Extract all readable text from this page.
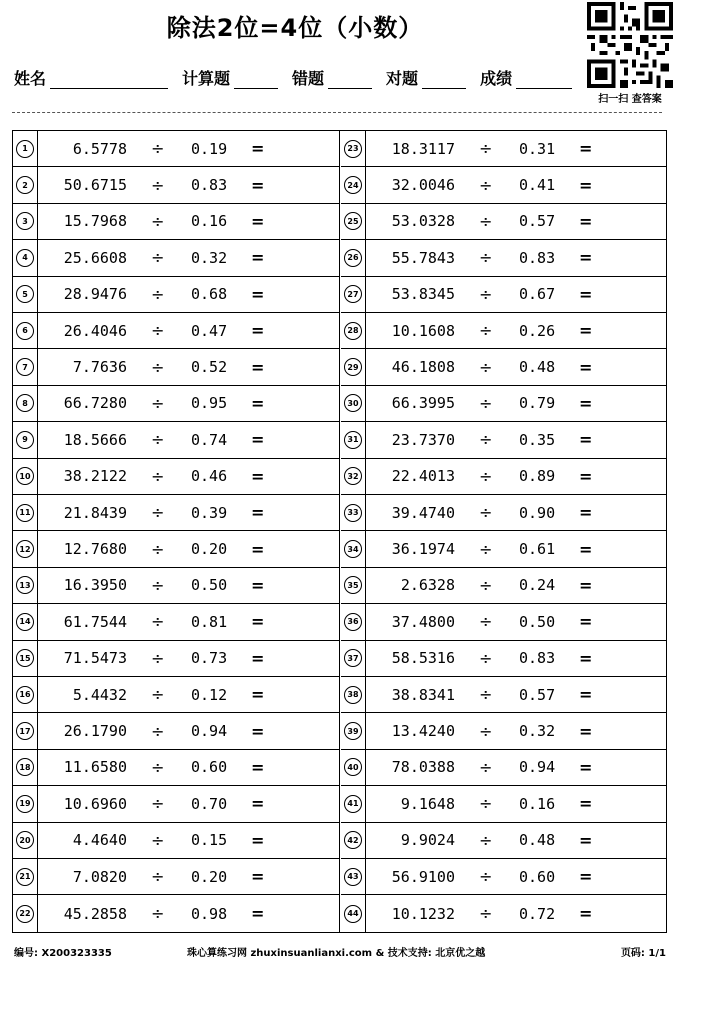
除法2位=4位（小数）
姓名	计算题	错题	对题	成绩
扫一扫 查答案
1	6.5778 ÷ 0.19 =
2	50.6715 ÷ 0.83 =
3	15.7968 ÷ 0.16 =
4	25.6608 ÷ 0.32 =
5	28.9476 ÷ 0.68 =
6	26.4046 ÷ 0.47 =
7	7.7636 ÷ 0.52 =
8	66.7280 ÷ 0.95 =
9	18.5666 ÷ 0.74 =
10	38.2122 ÷ 0.46 =
11	21.8439 ÷ 0.39 =
12	12.7680 ÷ 0.20 =
13	16.3950 ÷ 0.50 =
14	61.7544 ÷ 0.81 =
15	71.5473 ÷ 0.73 =
16	5.4432 ÷ 0.12 =
17	26.1790 ÷ 0.94 =
18	11.6580 ÷ 0.60 =
19	10.6960 ÷ 0.70 =
20	4.4640 ÷ 0.15 =
21	7.0820 ÷ 0.20 =
22	45.2858 ÷ 0.98 =
23	18.3117 ÷ 0.31 =
24	32.0046 ÷ 0.41 =
25	53.0328 ÷ 0.57 =
26	55.7843 ÷ 0.83 =
27	53.8345 ÷ 0.67 =
28	10.1608 ÷ 0.26 =
29	46.1808 ÷ 0.48 =
30	66.3995 ÷ 0.79 =
31	23.7370 ÷ 0.35 =
32	22.4013 ÷ 0.89 =
33	39.4740 ÷ 0.90 =
34	36.1974 ÷ 0.61 =
35	2.6328 ÷ 0.24 =
36	37.4800 ÷ 0.50 =
37	58.5316 ÷ 0.83 =
38	38.8341 ÷ 0.57 =
39	13.4240 ÷ 0.32 =
40	78.0388 ÷ 0.94 =
41	9.1648 ÷ 0.16 =
42	9.9024 ÷ 0.48 =
43	56.9100 ÷ 0.60 =
44	10.1232 ÷ 0.72 =
编号: X200323335	珠心算练习网 zhuxinsuanlianxi.com & 技术支持: 北京优之越	页码: 1/1
